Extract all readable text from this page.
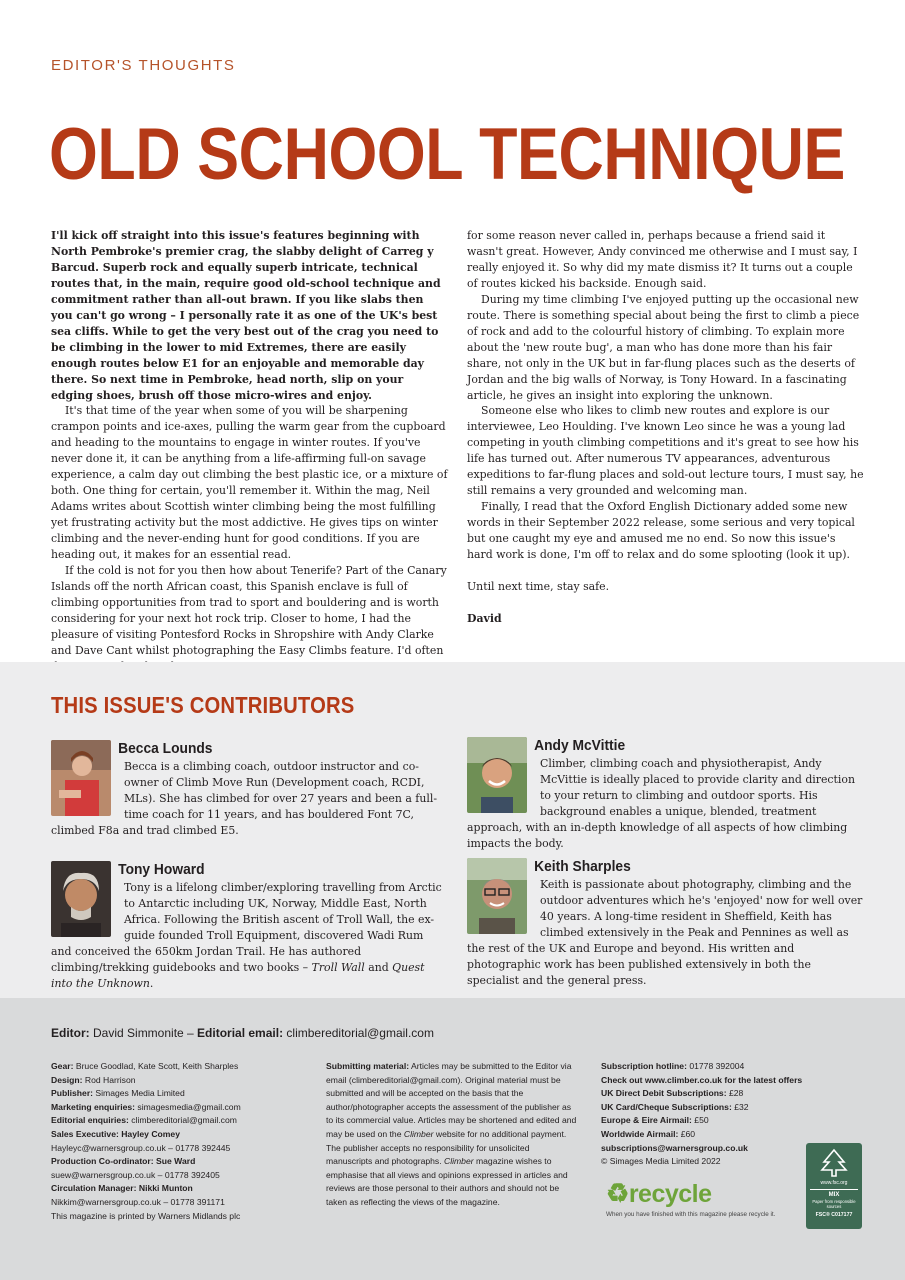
EDITOR'S THOUGHTS
OLD SCHOOL TECHNIQUE

I'll kick off straight into this issue's features beginning with North Pembroke's premier crag, the slabby delight of Carreg y Barcud. Superb rock and equally superb intricate, technical routes that, in the main, require good old-school technique and commitment rather than all-out brawn. If you like slabs then you can't go wrong – I personally rate it as one of the UK's best sea cliffs. While to get the very best out of the crag you need to be climbing in the lower to mid Extremes, there are easily enough routes below E1 for an enjoyable and memorable day there. So next time in Pembroke, head north, slip on your edging shoes, brush off those micro-wires and enjoy.

It's that time of the year when some of you will be sharpening crampon points and ice-axes, pulling the warm gear from the cupboard and heading to the mountains to engage in winter routes. If you've never done it, it can be anything from a life-affirming full-on savage experience, a calm day out climbing the best plastic ice, or a mixture of both. One thing for certain, you'll remember it. Within the mag, Neil Adams writes about Scottish winter climbing being the most fulfilling yet frustrating activity but the most addictive. He gives tips on winter climbing and the never-ending hunt for good conditions. If you are heading out, it makes for an essential read.

If the cold is not for you then how about Tenerife? Part of the Canary Islands off the north African coast, this Spanish enclave is full of climbing opportunities from trad to sport and bouldering and is worth considering for your next hot rock trip. Closer to home, I had the pleasure of visiting Pontesford Rocks in Shropshire with Andy Clarke and Dave Cant whilst photographing the Easy Climbs feature. I'd often

for some reason never called in, perhaps because a friend said it wasn't great. However, Andy convinced me otherwise and I must say, I really enjoyed it. So why did my mate dismiss it? It turns out a couple of routes kicked his backside. Enough said.

During my time climbing I've enjoyed putting up the occasional new route. There is something special about being the first to climb a piece of rock and add to the colourful history of climbing. To explain more about the 'new route bug', a man who has done more than his fair share, not only in the UK but in far-flung places such as the deserts of Jordan and the big walls of Norway, is Tony Howard. In a fascinating article, he gives an insight into exploring the unknown.

Someone else who likes to climb new routes and explore is our interviewee, Leo Houlding. I've known Leo since he was a young lad competing in youth climbing competitions and it's great to see how his life has turned out. After numerous TV appearances, adventurous expeditions to far-flung places and sold-out lecture tours, I must say, he still remains a very grounded and welcoming man.

Finally, I read that the Oxford English Dictionary added some new words in their September 2022 release, some serious and very topical but one caught my eye and amused me no end. So now this issue's hard work is done, I'm off to relax and do some splooting (look it up).

Until next time, stay safe.

David

THIS ISSUE'S CONTRIBUTORS
Becca Lounds
Becca is a climbing coach, outdoor instructor and co-owner of Climb Move Run (Development coach, RCDI, MLs). She has climbed for over 27 years and been a full-time coach for 11 years, and has bouldered Font 7C, climbed F8a and trad climbed E5.
Andy McVittie
Climber, climbing coach and physiotherapist, Andy McVittie is ideally placed to provide clarity and direction to your return to climbing and outdoor sports. His background enables a unique, blended, treatment approach, with an in-depth knowledge of all aspects of how climbing impacts the body.
Tony Howard
Tony is a lifelong climber/exploring travelling from Arctic to Antarctic including UK, Norway, Middle East, North Africa. Following the British ascent of Troll Wall, the ex-guide founded Troll Equipment, discovered Wadi Rum and conceived the 650km Jordan Trail. He has authored climbing/trekking guidebooks and two books – Troll Wall and Quest into the Unknown.
Keith Sharples
Keith is passionate about photography, climbing and the outdoor adventures which he's 'enjoyed' now for well over 40 years. A long-time resident in Sheffield, Keith has climbed extensively in the Peak and Pennines as well as the rest of the UK and Europe and beyond. His written and photographic work has been published extensively in both the specialist and the general press.
Editor: David Simmonite – Editorial email: climbereditorial@gmail.com
Gear: Bruce Goodlad, Kate Scott, Keith Sharples
Design: Rod Harrison
Publisher: Simages Media Limited
Marketing enquiries: simagesmedia@gmail.com
Editorial enquiries: climbereditorial@gmail.com
Sales Executive: Hayley Comey
Hayleyc@warnersgroup.co.uk – 01778 392445
Production Co-ordinator: Sue Ward
suew@warnersgroup.co.uk – 01778 392405
Circulation Manager: Nikki Munton
Nikkim@warnersgroup.co.uk – 01778 391171
This magazine is printed by Warners Midlands plc
Submitting material: Articles may be submitted to the Editor via email (climbereditorial@gmail.com). Original material must be submitted and will be accepted on the basis that the author/photographer accepts the assessment of the publisher as to its commercial value. Articles may be shortened and edited and may be used on the Climber website for no additional payment. The publisher accepts no responsibility for unsolicited manuscripts and photographs. Climber magazine wishes to emphasise that all views and opinions expressed in articles and reviews are those personal to their authors and should not be taken as reflecting the views of the magazine.
Subscription hotline: 01778 392004
Check out www.climber.co.uk for the latest offers
UK Direct Debit Subscriptions: £28
UK Card/Cheque Subscriptions: £32
Europe & Eire Airmail: £50
Worldwide Airmail: £60
subscriptions@warnersgroup.co.uk
© Simages Media Limited 2022
♻recycle
When you have finished with this magazine please recycle it.
www.fsc.org
MIX
Paper from responsible sources
FSC® C017177
